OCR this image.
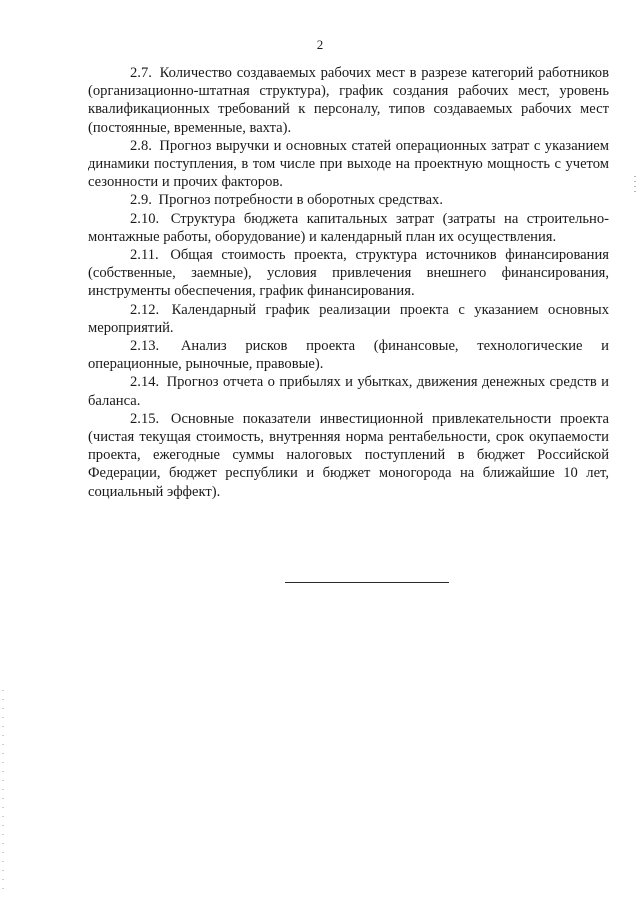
2

2.7. Количество создаваемых рабочих мест в разрезе категорий работников (организационно-штатная структура), график создания рабочих мест, уровень квалификационных требований к персоналу, типов создаваемых рабочих мест (постоянные, временные, вахта).

2.8. Прогноз выручки и основных статей операционных затрат с указанием динамики поступления, в том числе при выходе на проектную мощность с учетом сезонности и прочих факторов.

2.9. Прогноз потребности в оборотных средствах.

2.10. Структура бюджета капитальных затрат (затраты на строительно-монтажные работы, оборудование) и календарный план их осуществления.

2.11. Общая стоимость проекта, структура источников финансирования (собственные, заемные), условия привлечения внешнего финансирования, инструменты обеспечения, график финансирования.

2.12. Календарный график реализации проекта с указанием основных мероприятий.

2.13. Анализ рисков проекта (финансовые, технологические и операционные, рыночные, правовые).

2.14. Прогноз отчета о прибылях и убытках, движения денежных средств и баланса.

2.15. Основные показатели инвестиционной привлекательности проекта (чистая текущая стоимость, внутренняя норма рентабельности, срок окупаемости проекта, ежегодные суммы налоговых поступлений в бюджет Российской Федерации, бюджет республики и бюджет моногорода на ближайшие 10 лет, социальный эффект).
